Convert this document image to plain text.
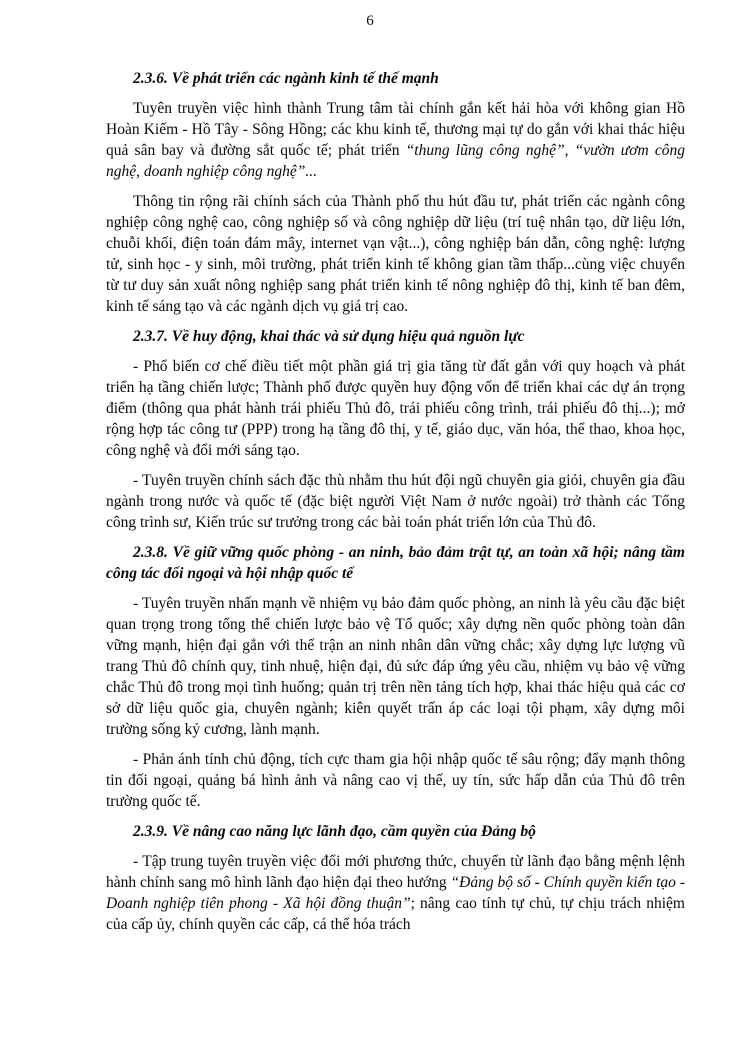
6
2.3.6. Về phát triển các ngành kinh tế thế mạnh
Tuyên truyền việc hình thành Trung tâm tài chính gắn kết hải hòa với không gian Hồ Hoàn Kiếm - Hồ Tây - Sông Hồng; các khu kinh tế, thương mại tự do gắn với khai thác hiệu quả sân bay và đường sắt quốc tế; phát triển “thung lũng công nghệ”, “vườn ươm công nghệ, doanh nghiệp công nghệ”...
Thông tin rộng rãi chính sách của Thành phố thu hút đầu tư, phát triển các ngành công nghiệp công nghệ cao, công nghiệp số và công nghiệp dữ liệu (trí tuệ nhân tạo, dữ liệu lớn, chuỗi khối, điện toán đám mây, internet vạn vật...), công nghiệp bán dẫn, công nghệ: lượng tử, sinh học - y sinh, môi trường, phát triển kinh tế không gian tầm thấp...cùng việc chuyển từ tư duy sản xuất nông nghiệp sang phát triển kinh tế nông nghiệp đô thị, kinh tế ban đêm, kinh tế sáng tạo và các ngành dịch vụ giá trị cao.
2.3.7. Về huy động, khai thác và sử dụng hiệu quả nguồn lực
- Phổ biến cơ chế điều tiết một phần giá trị gia tăng từ đất gắn với quy hoạch và phát triển hạ tầng chiến lược; Thành phố được quyền huy động vốn để triển khai các dự án trọng điểm (thông qua phát hành trái phiếu Thủ đô, trái phiếu công trình, trái phiếu đô thị...); mở rộng hợp tác công tư (PPP) trong hạ tầng đô thị, y tế, giáo dục, văn hóa, thể thao, khoa học, công nghệ và đổi mới sáng tạo.
- Tuyên truyền chính sách đặc thù nhằm thu hút đội ngũ chuyên gia giỏi, chuyên gia đầu ngành trong nước và quốc tế (đặc biệt người Việt Nam ở nước ngoài) trở thành các Tổng công trình sư, Kiến trúc sư trưởng trong các bài toán phát triển lớn của Thủ đô.
2.3.8. Về giữ vững quốc phòng - an ninh, bảo đảm trật tự, an toàn xã hội; nâng tầm công tác đối ngoại và hội nhập quốc tế
- Tuyên truyền nhấn mạnh về nhiệm vụ bảo đảm quốc phòng, an ninh là yêu cầu đặc biệt quan trọng trong tổng thể chiến lược bảo vệ Tổ quốc; xây dựng nền quốc phòng toàn dân vững mạnh, hiện đại gắn với thế trận an ninh nhân dân vững chắc; xây dựng lực lượng vũ trang Thủ đô chính quy, tinh nhuệ, hiện đại, đủ sức đáp ứng yêu cầu, nhiệm vụ bảo vệ vững chắc Thủ đô trong mọi tình huống; quản trị trên nền tảng tích hợp, khai thác hiệu quả các cơ sở dữ liệu quốc gia, chuyên ngành; kiên quyết trấn áp các loại tội phạm, xây dựng môi trường sống kỷ cương, lành mạnh.
- Phản ánh tính chủ động, tích cực tham gia hội nhập quốc tế sâu rộng; đẩy mạnh thông tin đối ngoại, quảng bá hình ảnh và nâng cao vị thế, uy tín, sức hấp dẫn của Thủ đô trên trường quốc tế.
2.3.9. Về nâng cao năng lực lãnh đạo, cầm quyền của Đảng bộ
- Tập trung tuyên truyền việc đổi mới phương thức, chuyển từ lãnh đạo bằng mệnh lệnh hành chính sang mô hình lãnh đạo hiện đại theo hướng “Đảng bộ số - Chính quyền kiến tạo - Doanh nghiệp tiên phong - Xã hội đồng thuận”; nâng cao tính tự chủ, tự chịu trách nhiệm của cấp ủy, chính quyền các cấp, cá thể hóa trách
